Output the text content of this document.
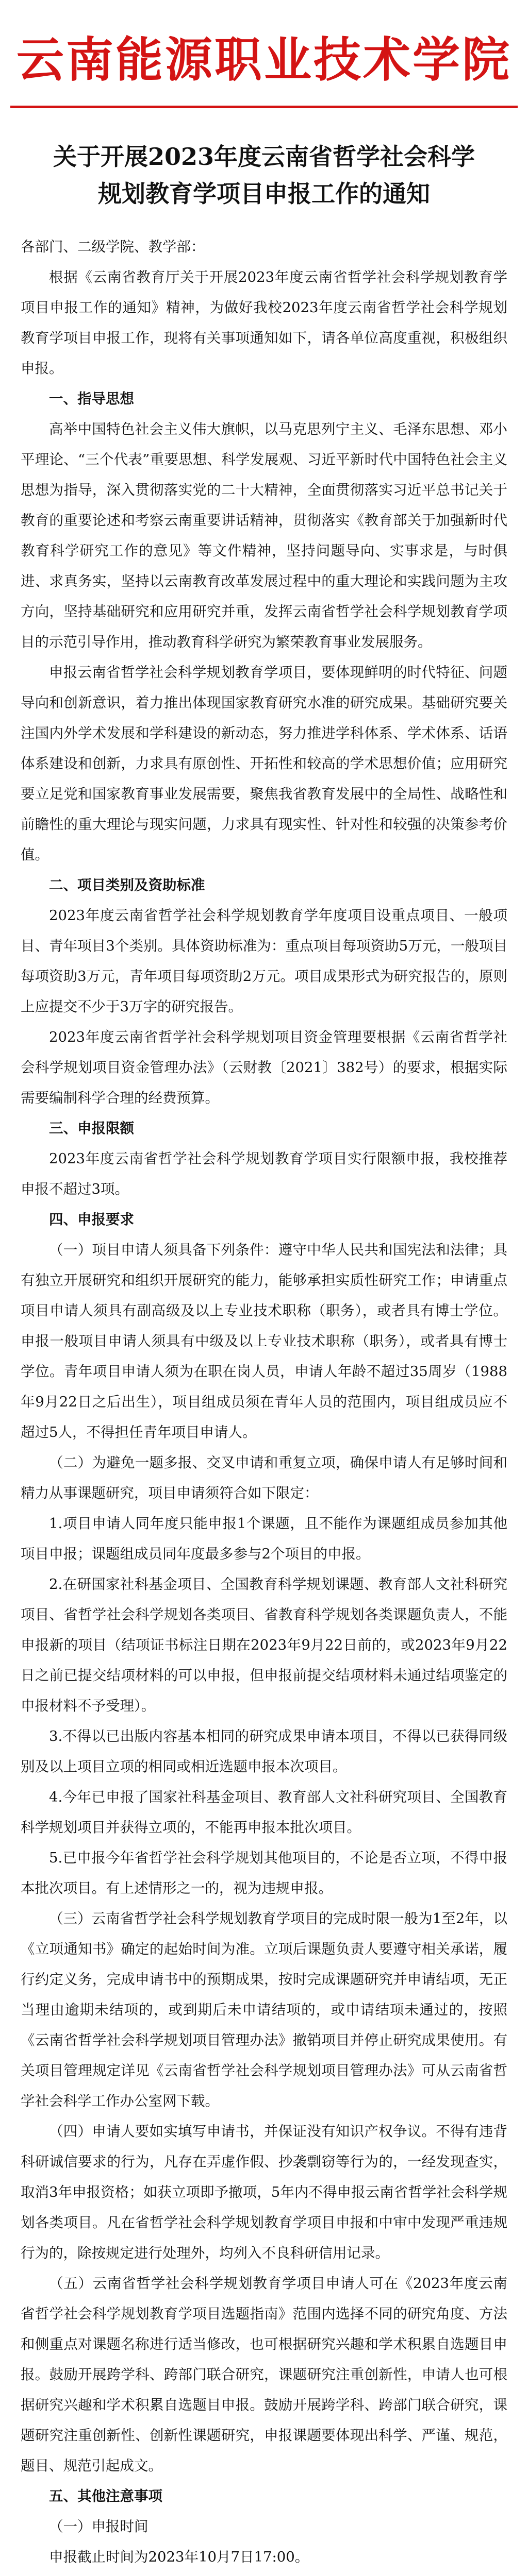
云南能源职业技术学院
关于开展2023年度云南省哲学社会科学规划教育学项目申报工作的通知

各部门、二级学院、教学部：

根据《云南省教育厅关于开展2023年度云南省哲学社会科学规划教育学项目申报工作的通知》精神，为做好我校2023年度云南省哲学社会科学规划教育学项目申报工作，现将有关事项通知如下，请各单位高度重视，积极组织申报。

一、指导思想

高举中国特色社会主义伟大旗帜，以马克思列宁主义、毛泽东思想、邓小平理论、“三个代表”重要思想、科学发展观、习近平新时代中国特色社会主义思想为指导，深入贯彻落实党的二十大精神，全面贯彻落实习近平总书记关于教育的重要论述和考察云南重要讲话精神，贯彻落实《教育部关于加强新时代教育科学研究工作的意见》等文件精神，坚持问题导向、实事求是，与时俱进、求真务实，坚持以云南教育改革发展过程中的重大理论和实践问题为主攻方向，坚持基础研究和应用研究并重，发挥云南省哲学社会科学规划教育学项目的示范引导作用，推动教育科学研究为繁荣教育事业发展服务。

申报云南省哲学社会科学规划教育学项目，要体现鲜明的时代特征、问题导向和创新意识，着力推出体现国家教育研究水准的研究成果。基础研究要关注国内外学术发展和学科建设的新动态，努力推进学科体系、学术体系、话语体系建设和创新，力求具有原创性、开拓性和较高的学术思想价值；应用研究要立足党和国家教育事业发展需要，聚焦我省教育发展中的全局性、战略性和前瞻性的重大理论与现实问题，力求具有现实性、针对性和较强的决策参考价值。

二、项目类别及资助标准

2023年度云南省哲学社会科学规划教育学年度项目设重点项目、一般项目、青年项目3个类别。具体资助标准为：重点项目每项资助5万元，一般项目每项资助3万元，青年项目每项资助2万元。项目成果形式为研究报告的，原则上应提交不少于3万字的研究报告。

2023年度云南省哲学社会科学规划项目资金管理要根据《云南省哲学社会科学规划项目资金管理办法》（云财教〔2021〕382号）的要求，根据实际需要编制科学合理的经费预算。

三、申报限额

2023年度云南省哲学社会科学规划教育学项目实行限额申报，我校推荐申报不超过3项。

四、申报要求

（一）项目申请人须具备下列条件：遵守中华人民共和国宪法和法律；具有独立开展研究和组织开展研究的能力，能够承担实质性研究工作；申请重点项目申请人须具有副高级及以上专业技术职称（职务），或者具有博士学位。申报一般项目申请人须具有中级及以上专业技术职称（职务），或者具有博士学位。青年项目申请人须为在职在岗人员，申请人年龄不超过35周岁（1988年9月22日之后出生），项目组成员须在青年人员的范围内，项目组成员应不超过5人，不得担任青年项目申请人。

（二）为避免一题多报、交叉申请和重复立项，确保申请人有足够时间和精力从事课题研究，项目申请须符合如下限定：

1.项目申请人同年度只能申报1个课题，且不能作为课题组成员参加其他项目申报；课题组成员同年度最多参与2个项目的申报。

2.在研国家社科基金项目、全国教育科学规划课题、教育部人文社科研究项目、省哲学社会科学规划各类项目、省教育科学规划各类课题负责人，不能申报新的项目（结项证书标注日期在2023年9月22日前的，或2023年9月22日之前已提交结项材料的可以申报，但申报前提交结项材料未通过结项鉴定的申报材料不予受理）。

3.不得以已出版内容基本相同的研究成果申请本项目，不得以已获得同级别及以上项目立项的相同或相近选题申报本次项目。

4.今年已申报了国家社科基金项目、教育部人文社科研究项目、全国教育科学规划项目并获得立项的，不能再申报本批次项目。

5.已申报今年省哲学社会科学规划其他项目的，不论是否立项，不得申报本批次项目。有上述情形之一的，视为违规申报。

（三）云南省哲学社会科学规划教育学项目的完成时限一般为1至2年，以《立项通知书》确定的起始时间为准。立项后课题负责人要遵守相关承诺，履行约定义务，完成申请书中的预期成果，按时完成课题研究并申请结项，无正当理由逾期未结项的，或到期后未申请结项的，或申请结项未通过的，按照《云南省哲学社会科学规划项目管理办法》撤销项目并停止研究成果使用。有关项目管理规定详见《云南省哲学社会科学规划项目管理办法》可从云南省哲学社会科学工作办公室网下载。

（四）申请人要如实填写申请书，并保证没有知识产权争议。不得有违背科研诚信要求的行为，凡存在弄虚作假、抄袭剽窃等行为的，一经发现查实，取消3年申报资格；如获立项即予撤项，5年内不得申报云南省哲学社会科学规划各类项目。凡在省哲学社会科学规划教育学项目申报和中审中发现严重违规行为的，除按规定进行处理外，均列入不良科研信用记录。

（五）云南省哲学社会科学规划教育学项目申请人可在《2023年度云南省哲学社会科学规划教育学项目选题指南》范围内选择不同的研究角度、方法和侧重点对课题名称进行适当修改，也可根据研究兴趣和学术积累自选题目申报。鼓励开展跨学科、跨部门联合研究，课题研究注重创新性，申请人也可根据研究兴趣和学术积累自选题目申报。鼓励开展跨学科、跨部门联合研究，课题研究注重创新性、创新性课题研究，申报课题要体现出科学、严谨、规范，题目、规范引起成文。

五、其他注意事项

（一）申报时间

申报截止时间为2023年10月7日17:00。
